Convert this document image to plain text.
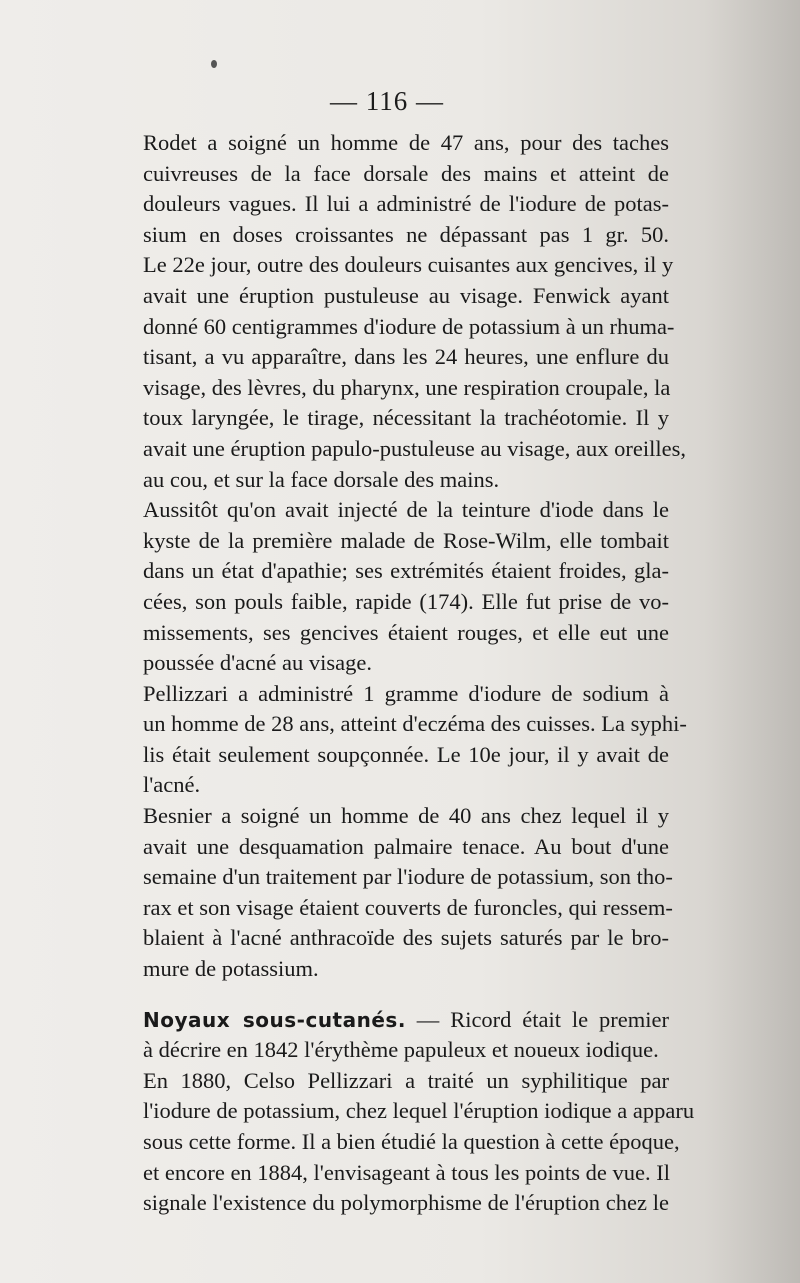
— 116 —

Rodet a soigné un homme de 47 ans, pour des taches
cuivreuses de la face dorsale des mains et atteint de
douleurs vagues. Il lui a administré de l'iodure de potas-
sium en doses croissantes ne dépassant pas 1 gr. 50.
Le 22e jour, outre des douleurs cuisantes aux gencives, il y
avait une éruption pustuleuse au visage. Fenwick ayant
donné 60 centigrammes d'iodure de potassium à un rhuma-
tisant, a vu apparaître, dans les 24 heures, une enflure du
visage, des lèvres, du pharynx, une respiration croupale, la
toux laryngée, le tirage, nécessitant la trachéotomie. Il y
avait une éruption papulo-pustuleuse au visage, aux oreilles,
au cou, et sur la face dorsale des mains.

Aussitôt qu'on avait injecté de la teinture d'iode dans le
kyste de la première malade de Rose-Wilm, elle tombait
dans un état d'apathie; ses extrémités étaient froides, gla-
cées, son pouls faible, rapide (174). Elle fut prise de vo-
missements, ses gencives étaient rouges, et elle eut une
poussée d'acné au visage.

Pellizzari a administré 1 gramme d'iodure de sodium à
un homme de 28 ans, atteint d'eczéma des cuisses. La syphi-
lis était seulement soupçonnée. Le 10e jour, il y avait de
l'acné.

Besnier a soigné un homme de 40 ans chez lequel il y
avait une desquamation palmaire tenace. Au bout d'une
semaine d'un traitement par l'iodure de potassium, son tho-
rax et son visage étaient couverts de furoncles, qui ressem-
blaient à l'acné anthracoïde des sujets saturés par le bro-
mure de potassium.

Noyaux sous-cutanés. — Ricord était le premier
à décrire en 1842 l'érythème papuleux et noueux iodique.
En 1880, Celso Pellizzari a traité un syphilitique par
l'iodure de potassium, chez lequel l'éruption iodique a apparu
sous cette forme. Il a bien étudié la question à cette époque,
et encore en 1884, l'envisageant à tous les points de vue. Il
signale l'existence du polymorphisme de l'éruption chez le
